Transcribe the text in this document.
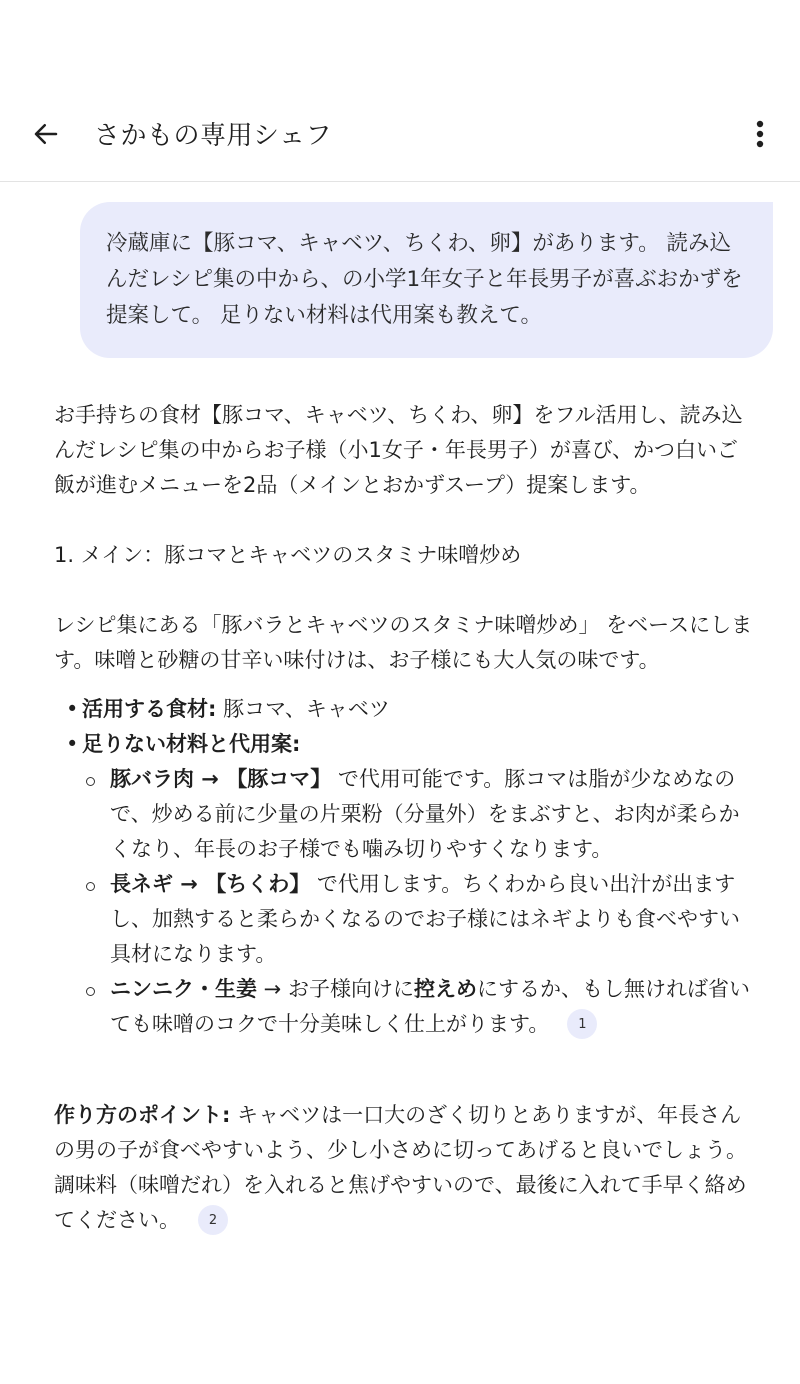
さかもの専用シェフ
冷蔵庫に【豚コマ、キャベツ、ちくわ、卵】があります。 読み込んだレシピ集の中から、の小学1年女子と年長男子が喜ぶおかずを提案して。 足りない材料は代用案も教えて。

お手持ちの食材【豚コマ、キャベツ、ちくわ、卵】をフル活用し、読み込んだレシピ集の中からお子様（小1女子・年長男子）が喜び、かつ白いご飯が進むメニューを2品（メインとおかずスープ）提案します。

1. メイン：豚コマとキャベツのスタミナ味噌炒め

レシピ集にある「豚バラとキャベツのスタミナ味噌炒め」 をベースにします。味噌と砂糖の甘辛い味付けは、お子様にも大人気の味です。

• 活用する食材: 豚コマ、キャベツ
• 足りない材料と代用案:
豚バラ肉 → 【豚コマ】 で代用可能です。豚コマは脂が少なめなので、炒める前に少量の片栗粉（分量外）をまぶすと、お肉が柔らかくなり、年長のお子様でも噛み切りやすくなります。
長ネギ → 【ちくわ】 で代用します。ちくわから良い出汁が出ますし、加熱すると柔らかくなるのでお子様にはネギよりも食べやすい具材になります。
ニンニク・生姜 → お子様向けに控えめにするか、もし無ければ省いても味噌のコクで十分美味しく仕上がります。 1

作り方のポイント: キャベツは一口大のざく切りとありますが、年長さんの男の子が食べやすいよう、少し小さめに切ってあげると良いでしょう。調味料（味噌だれ）を入れると焦げやすいので、最後に入れて手早く絡めてください。 2
